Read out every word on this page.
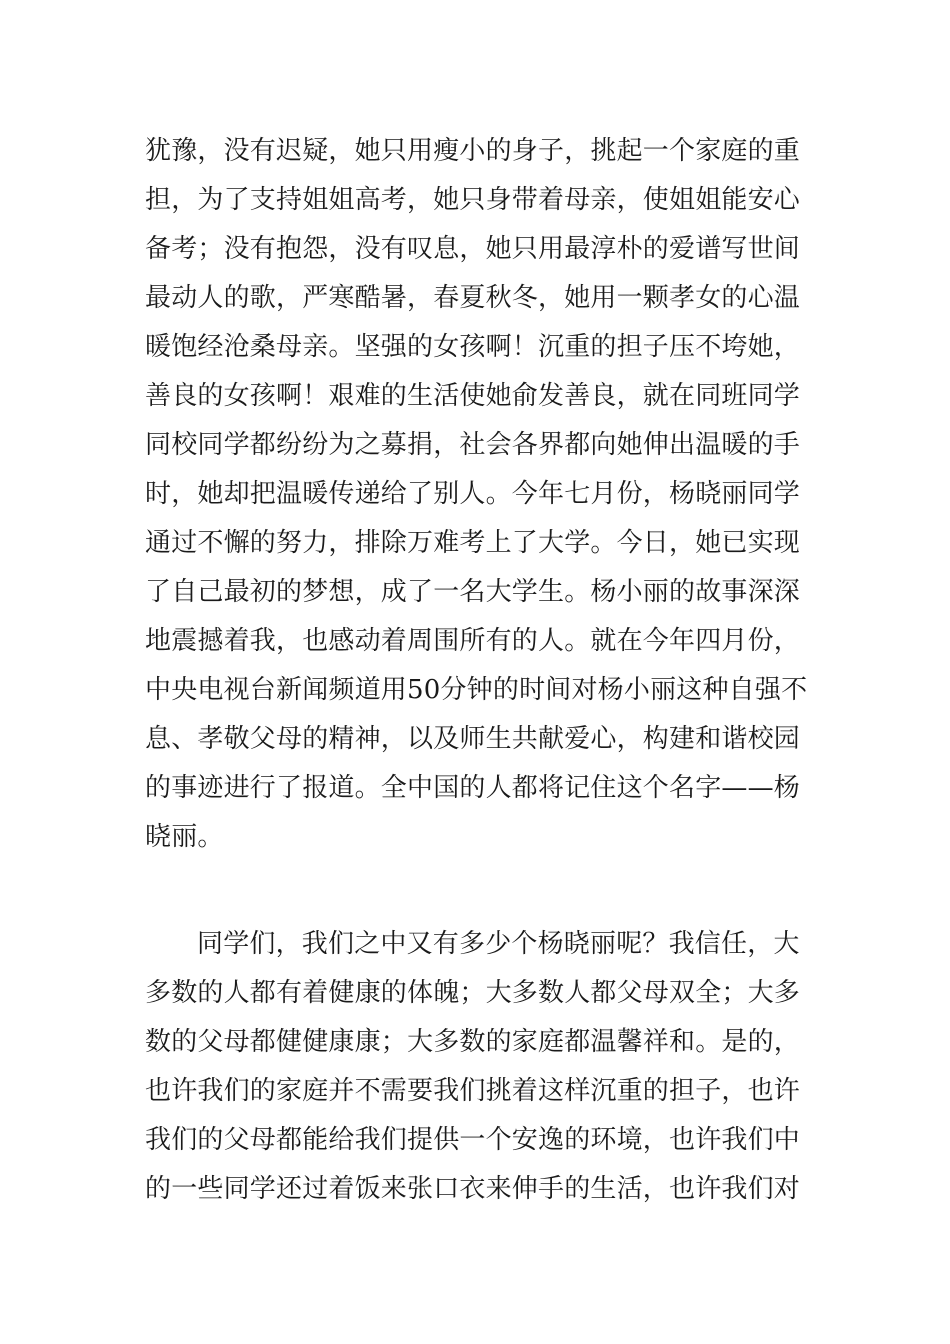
犹豫，没有迟疑，她只用瘦小的身子，挑起一个家庭的重
担，为了支持姐姐高考，她只身带着母亲，使姐姐能安心
备考；没有抱怨，没有叹息，她只用最淳朴的爱谱写世间
最动人的歌，严寒酷暑，春夏秋冬，她用一颗孝女的心温
暖饱经沧桑母亲。坚强的女孩啊！沉重的担子压不垮她，
善良的女孩啊！艰难的生活使她俞发善良，就在同班同学
同校同学都纷纷为之募捐，社会各界都向她伸出温暖的手
时，她却把温暖传递给了别人。今年七月份，杨晓丽同学
通过不懈的努力，排除万难考上了大学。今日，她已实现
了自己最初的梦想，成了一名大学生。杨小丽的故事深深
地震撼着我，也感动着周围所有的人。就在今年四月份，
中央电视台新闻频道用50分钟的时间对杨小丽这种自强不
息、孝敬父母的精神，以及师生共献爱心，构建和谐校园
的事迹进行了报道。全中国的人都将记住这个名字——杨
晓丽。
同学们，我们之中又有多少个杨晓丽呢？我信任，大
多数的人都有着健康的体魄；大多数人都父母双全；大多
数的父母都健健康康；大多数的家庭都温馨祥和。是的，
也许我们的家庭并不需要我们挑着这样沉重的担子，也许
我们的父母都能给我们提供一个安逸的环境，也许我们中
的一些同学还过着饭来张口衣来伸手的生活，也许我们对
